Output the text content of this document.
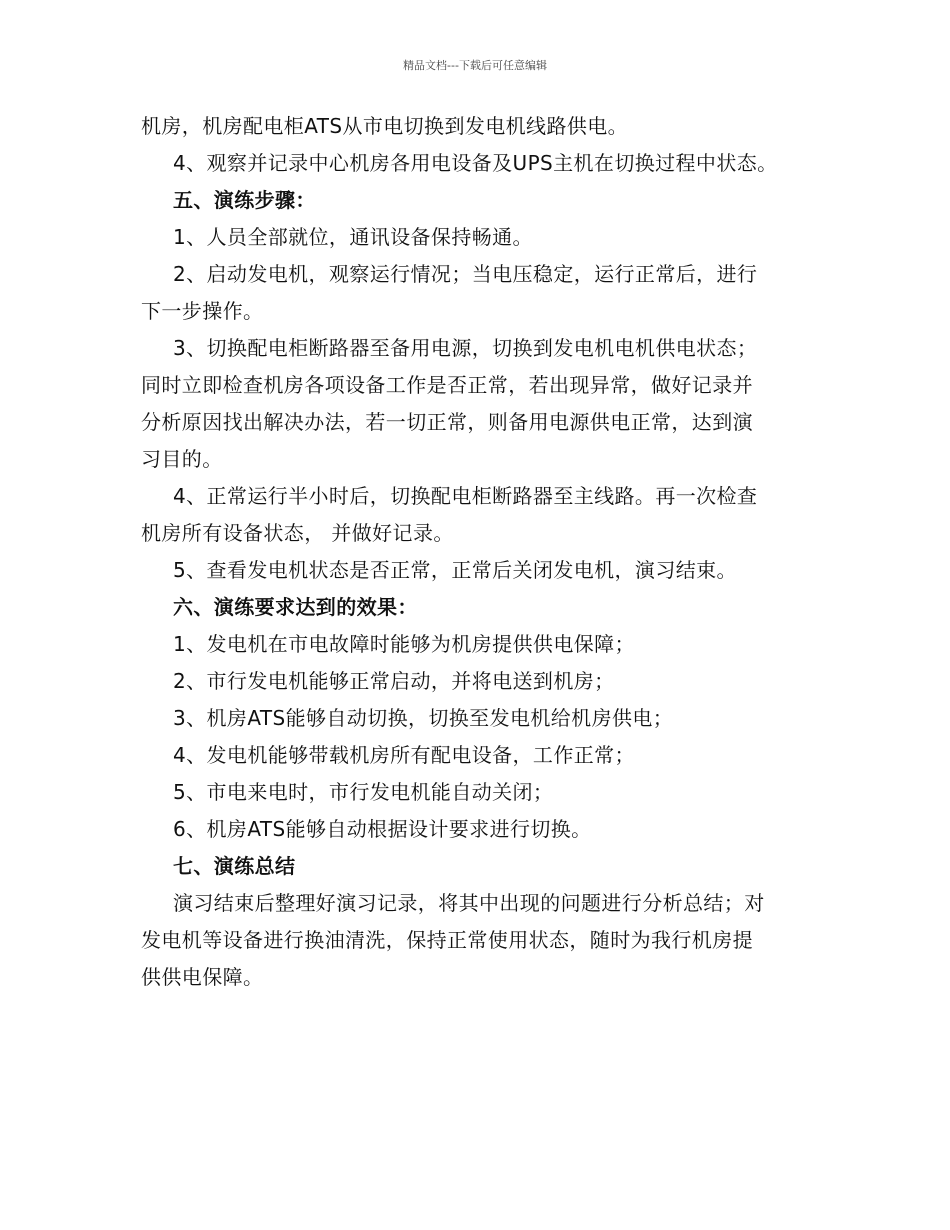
精品文档---下载后可任意编辑
机房，机房配电柜ATS从市电切换到发电机线路供电。
4、观察并记录中心机房各用电设备及UPS主机在切换过程中状态。
五、演练步骤：
1、人员全部就位，通讯设备保持畅通。
2、启动发电机，观察运行情况；当电压稳定，运行正常后，进行
下一步操作。
3、切换配电柜断路器至备用电源，切换到发电机电机供电状态；
同时立即检查机房各项设备工作是否正常，若出现异常，做好记录并
分析原因找出解决办法，若一切正常，则备用电源供电正常，达到演
习目的。
4、正常运行半小时后，切换配电柜断路器至主线路。再一次检查
机房所有设备状态， 并做好记录。
5、查看发电机状态是否正常，正常后关闭发电机，演习结束。
六、演练要求达到的效果：
1、发电机在市电故障时能够为机房提供供电保障；
2、市行发电机能够正常启动，并将电送到机房；
3、机房ATS能够自动切换，切换至发电机给机房供电；
4、发电机能够带载机房所有配电设备，工作正常；
5、市电来电时，市行发电机能自动关闭；
6、机房ATS能够自动根据设计要求进行切换。
七、演练总结
演习结束后整理好演习记录，将其中出现的问题进行分析总结；对
发电机等设备进行换油清洗，保持正常使用状态，随时为我行机房提
供供电保障。
